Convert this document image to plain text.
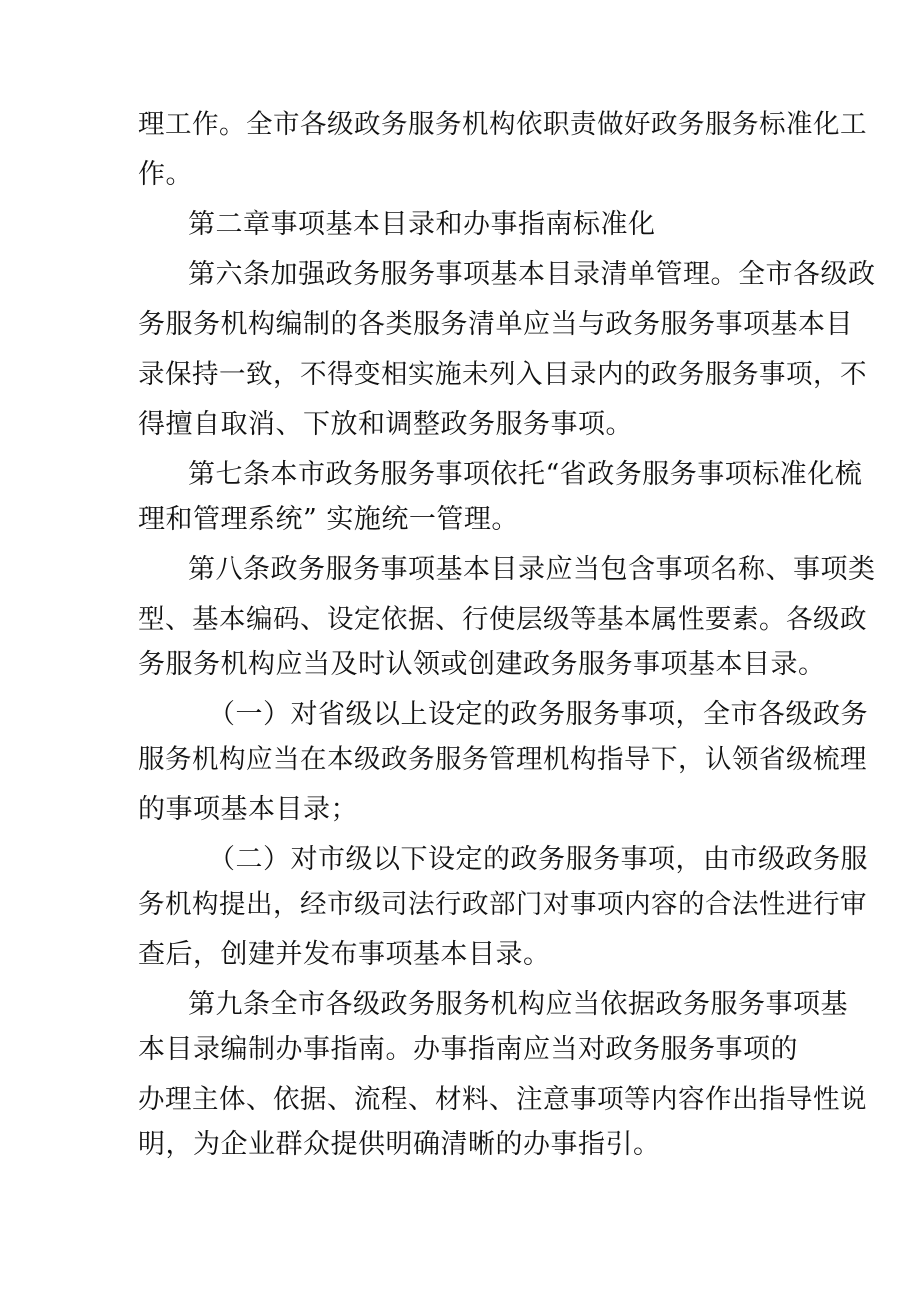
理工作。全市各级政务服务机构依职责做好政务服务标准化工
作。
第二章事项基本目录和办事指南标准化
第六条加强政务服务事项基本目录清单管理。全市各级政
务服务机构编制的各类服务清单应当与政务服务事项基本目
录保持一致，不得变相实施未列入目录内的政务服务事项，不
得擅自取消、下放和调整政务服务事项。
第七条本市政务服务事项依托“省政务服务事项标准化梳
理和管理系统” 实施统一管理。
第八条政务服务事项基本目录应当包含事项名称、事项类
型、基本编码、设定依据、行使层级等基本属性要素。各级政
务服务机构应当及时认领或创建政务服务事项基本目录。
（一）对省级以上设定的政务服务事项，全市各级政务
服务机构应当在本级政务服务管理机构指导下，认领省级梳理
的事项基本目录；
（二）对市级以下设定的政务服务事项，由市级政务服
务机构提出，经市级司法行政部门对事项内容的合法性进行审
查后，创建并发布事项基本目录。
第九条全市各级政务服务机构应当依据政务服务事项基
本目录编制办事指南。办事指南应当对政务服务事项的
办理主体、依据、流程、材料、注意事项等内容作出指导性说
明，为企业群众提供明确清晰的办事指引。
